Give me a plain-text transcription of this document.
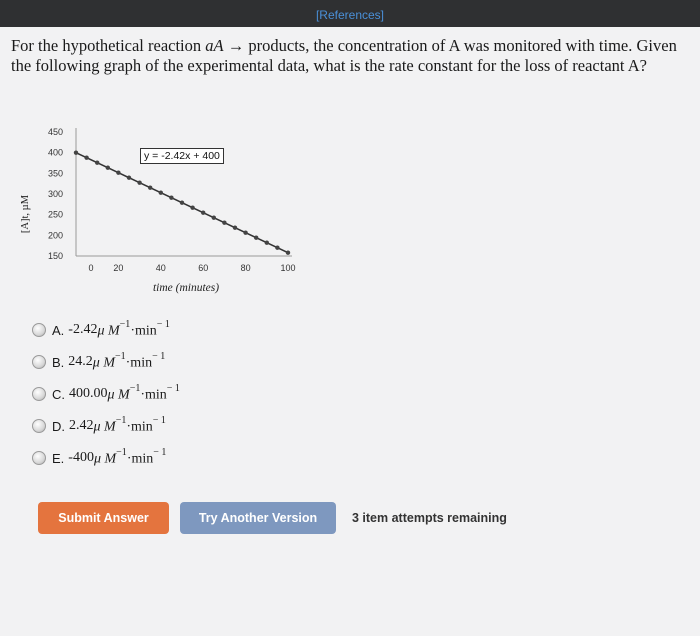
[References]
For the hypothetical reaction aA → products, the concentration of A was monitored with time. Given the following graph of the experimental data, what is the rate constant for the loss of reactant A?
450
400
350
300
250
200
150
0 20	40	60	80	100
time (minutes)
[A]t, µM
y = -2.42x + 400
A. -2.42 μ $M^{-1}\cdot\min^{- 1}$
B. 24.2 μ $M^{-1}\cdot\min^{- 1}$
C. 400.00 μ $M^{-1}\cdot\min^{- 1}$
D. 2.42 μ $M^{-1}\cdot\min^{- 1}$
E. -400 μ $M^{-1}\cdot\min^{- 1}$
Submit Answer	Try Another Version	3 item attempts remaining
